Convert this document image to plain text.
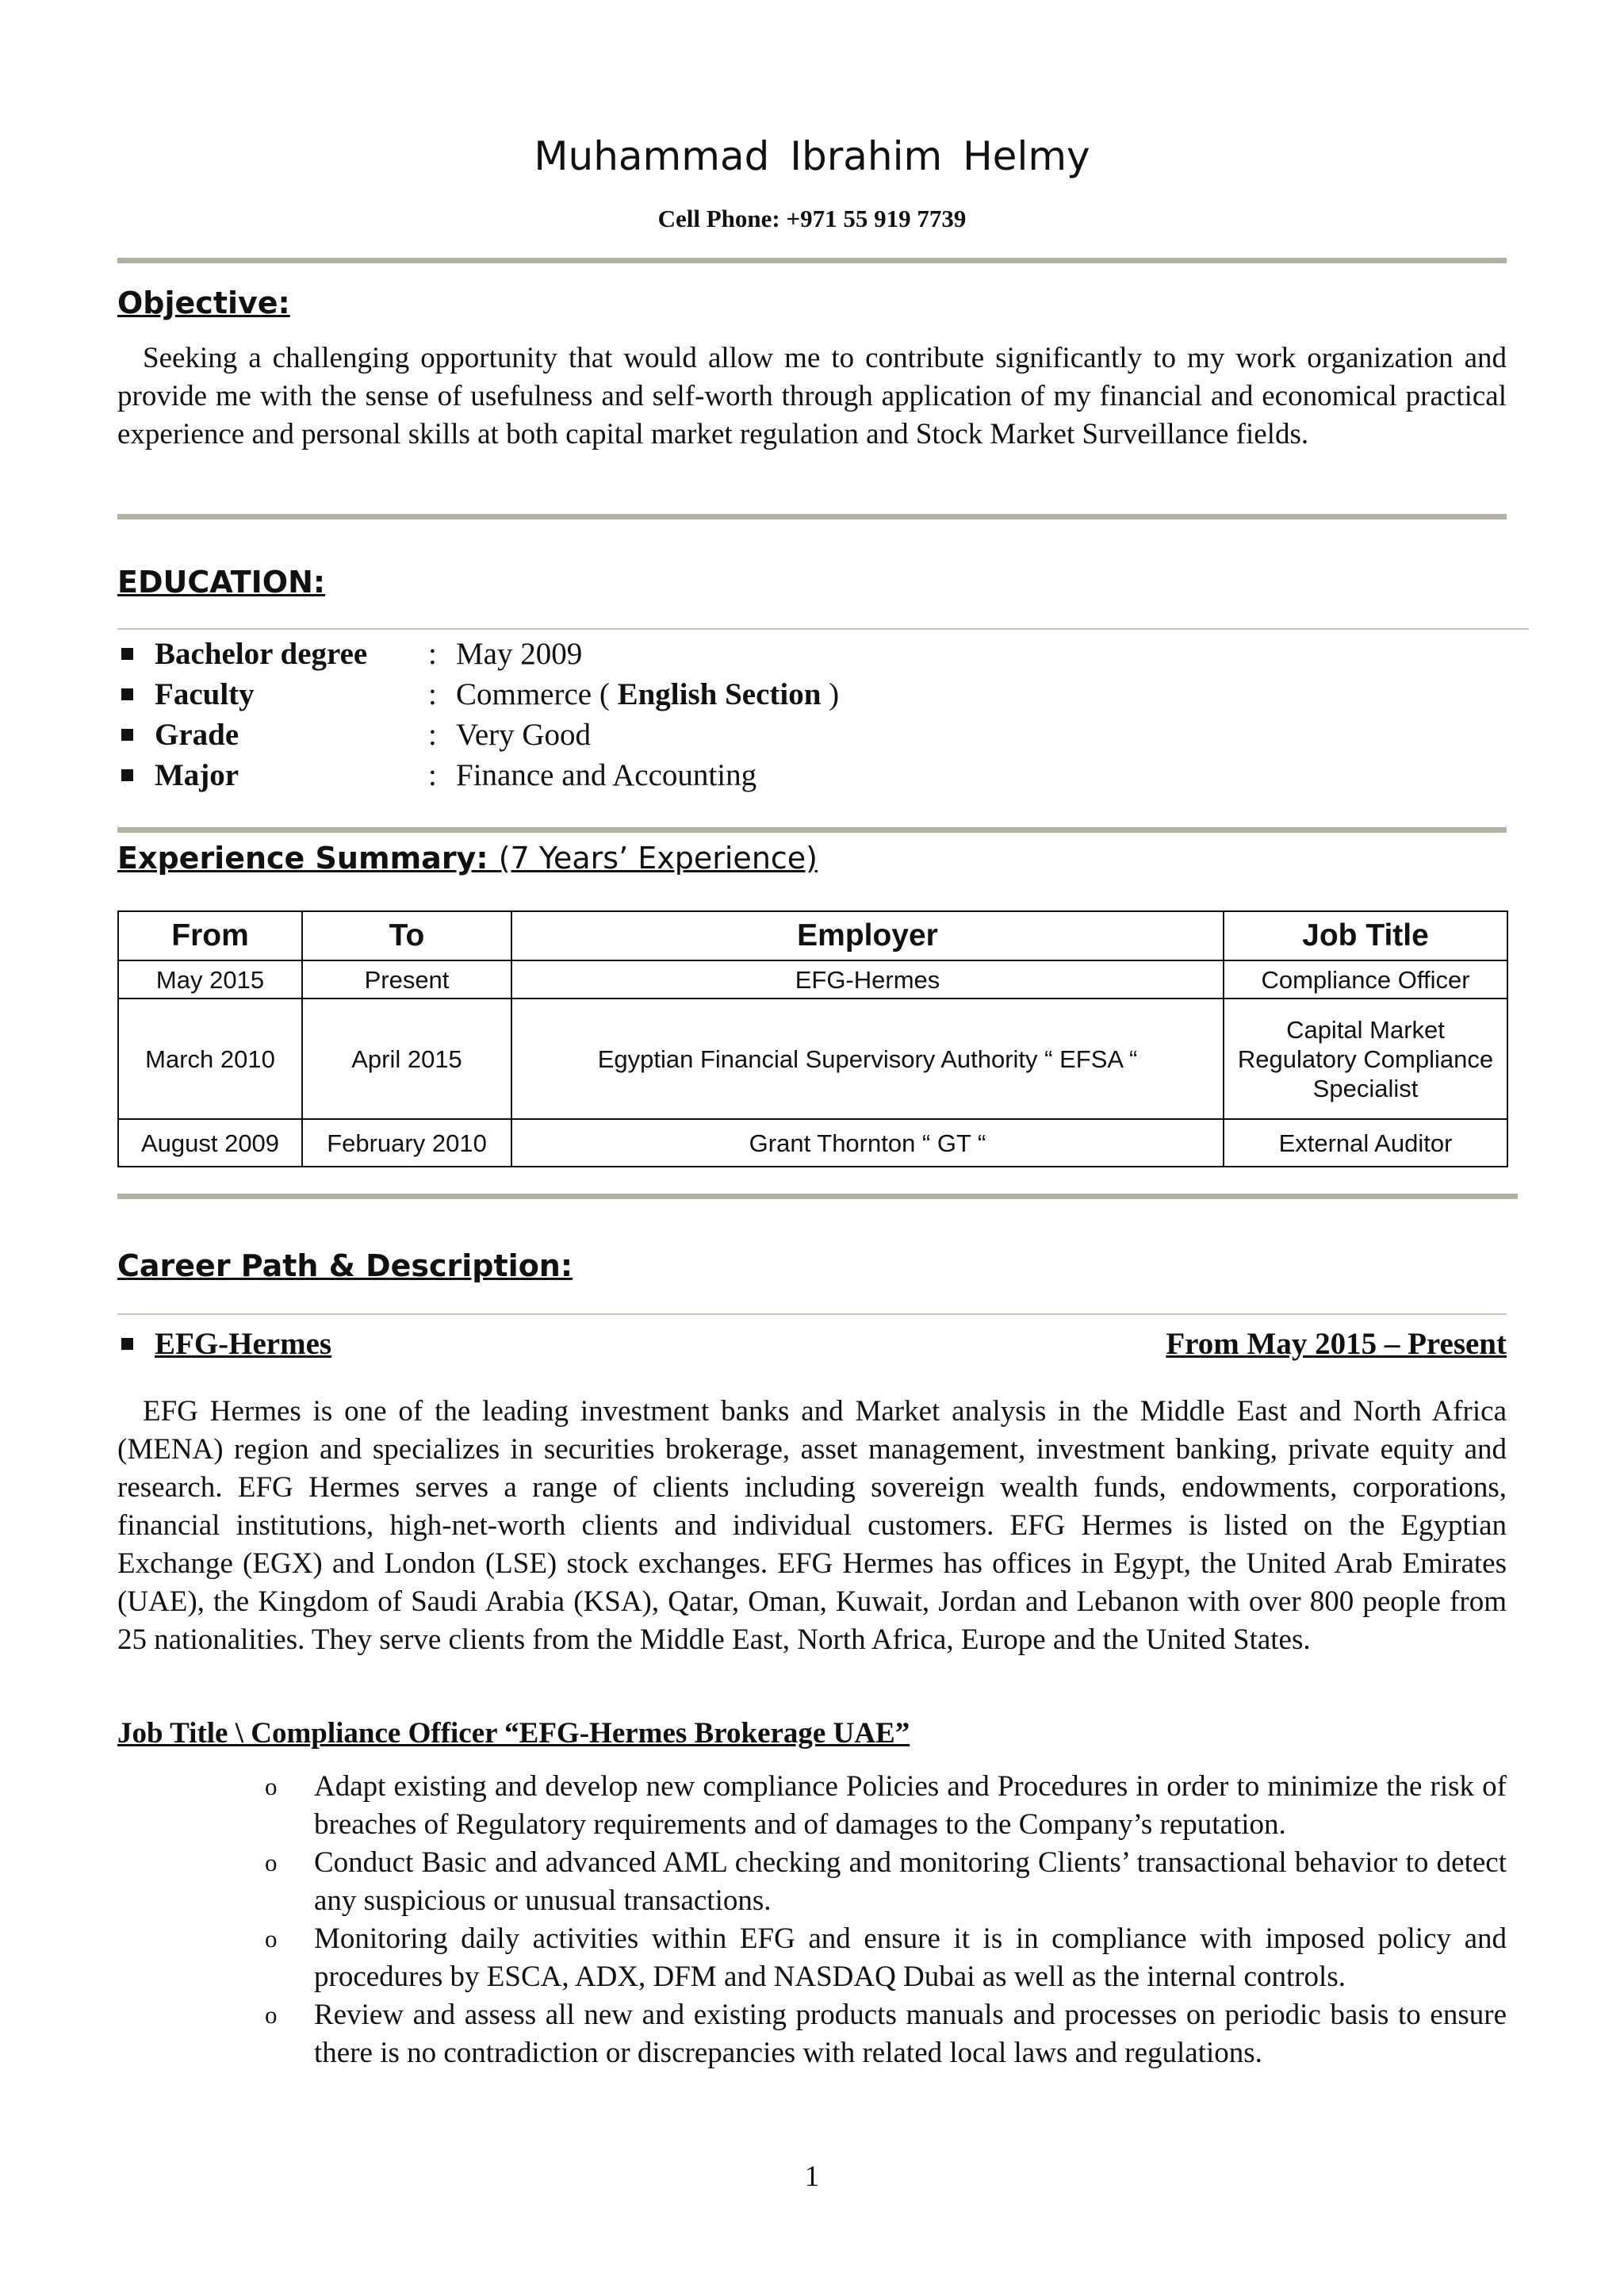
Muhammad Ibrahim Helmy
Cell Phone: +971 55 919 7739
Objective:
Seeking a challenging opportunity that would allow me to contribute significantly to my work organization and provide me with the sense of usefulness and self-worth through application of my financial and economical practical experience and personal skills at both capital market regulation and Stock Market Surveillance fields.
EDUCATION:
Bachelor degree : May 2009
Faculty	: Commerce ( English Section )
Grade	: Very Good
Major	: Finance and Accounting
Experience Summary: (7 Years’ Experience)
From	To	Employer	Job Title
May 2015	Present	EFG-Hermes	Compliance Officer
March 2010	April 2015	Egyptian Financial Supervisory Authority “ EFSA “	Capital Market Regulatory Compliance Specialist
August 2009	February 2010	Grant Thornton “ GT “	External Auditor
Career Path & Description:
EFG-Hermes	From May 2015 – Present
EFG Hermes is one of the leading investment banks and Market analysis in the Middle East and North Africa (MENA) region and specializes in securities brokerage, asset management, investment banking, private equity and research. EFG Hermes serves a range of clients including sovereign wealth funds, endowments, corporations, financial institutions, high-net-worth clients and individual customers. EFG Hermes is listed on the Egyptian Exchange (EGX) and London (LSE) stock exchanges. EFG Hermes has offices in Egypt, the United Arab Emirates (UAE), the Kingdom of Saudi Arabia (KSA), Qatar, Oman, Kuwait, Jordan and Lebanon with over 800 people from 25 nationalities. They serve clients from the Middle East, North Africa, Europe and the United States.
Job Title \ Compliance Officer “EFG-Hermes Brokerage UAE”
o Adapt existing and develop new compliance Policies and Procedures in order to minimize the risk of breaches of Regulatory requirements and of damages to the Company’s reputation.
o Conduct Basic and advanced AML checking and monitoring Clients’ transactional behavior to detect any suspicious or unusual transactions.
o Monitoring daily activities within EFG and ensure it is in compliance with imposed policy and procedures by ESCA, ADX, DFM and NASDAQ Dubai as well as the internal controls.
o Review and assess all new and existing products manuals and processes on periodic basis to ensure there is no contradiction or discrepancies with related local laws and regulations.
1
